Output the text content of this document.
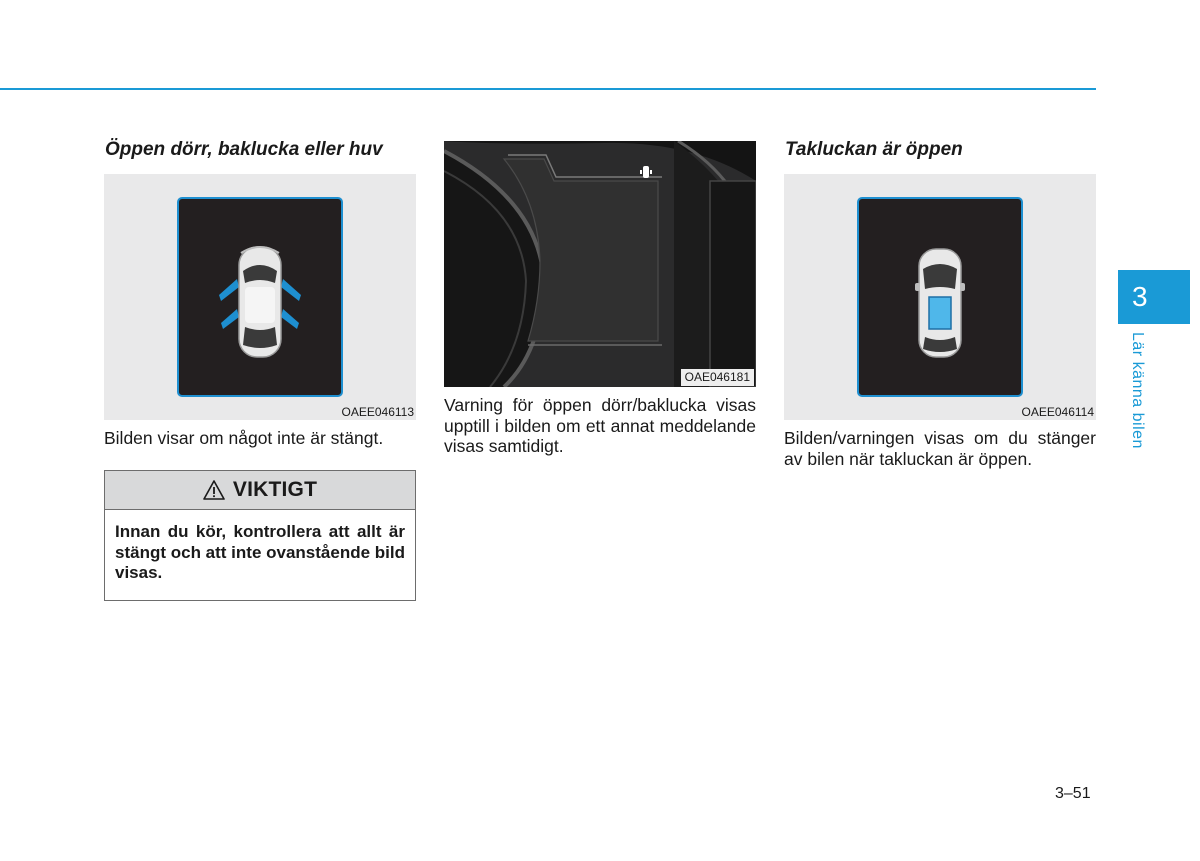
Öppen dörr, baklucka eller huv
OAEE046113

Bilden visar om något inte är stängt.

VIKTIGT
Innan du kör, kontrollera att allt är stängt och att inte ovanstående bild visas.
OAE046181

Varning för öppen dörr/baklucka visas upptill i bilden om ett annat meddelande visas samtidigt.

Takluckan är öppen
OAEE046114

Bilden/varningen visas om du stänger av bilen när takluckan är öppen.

3
Lär känna bilen
3–51
